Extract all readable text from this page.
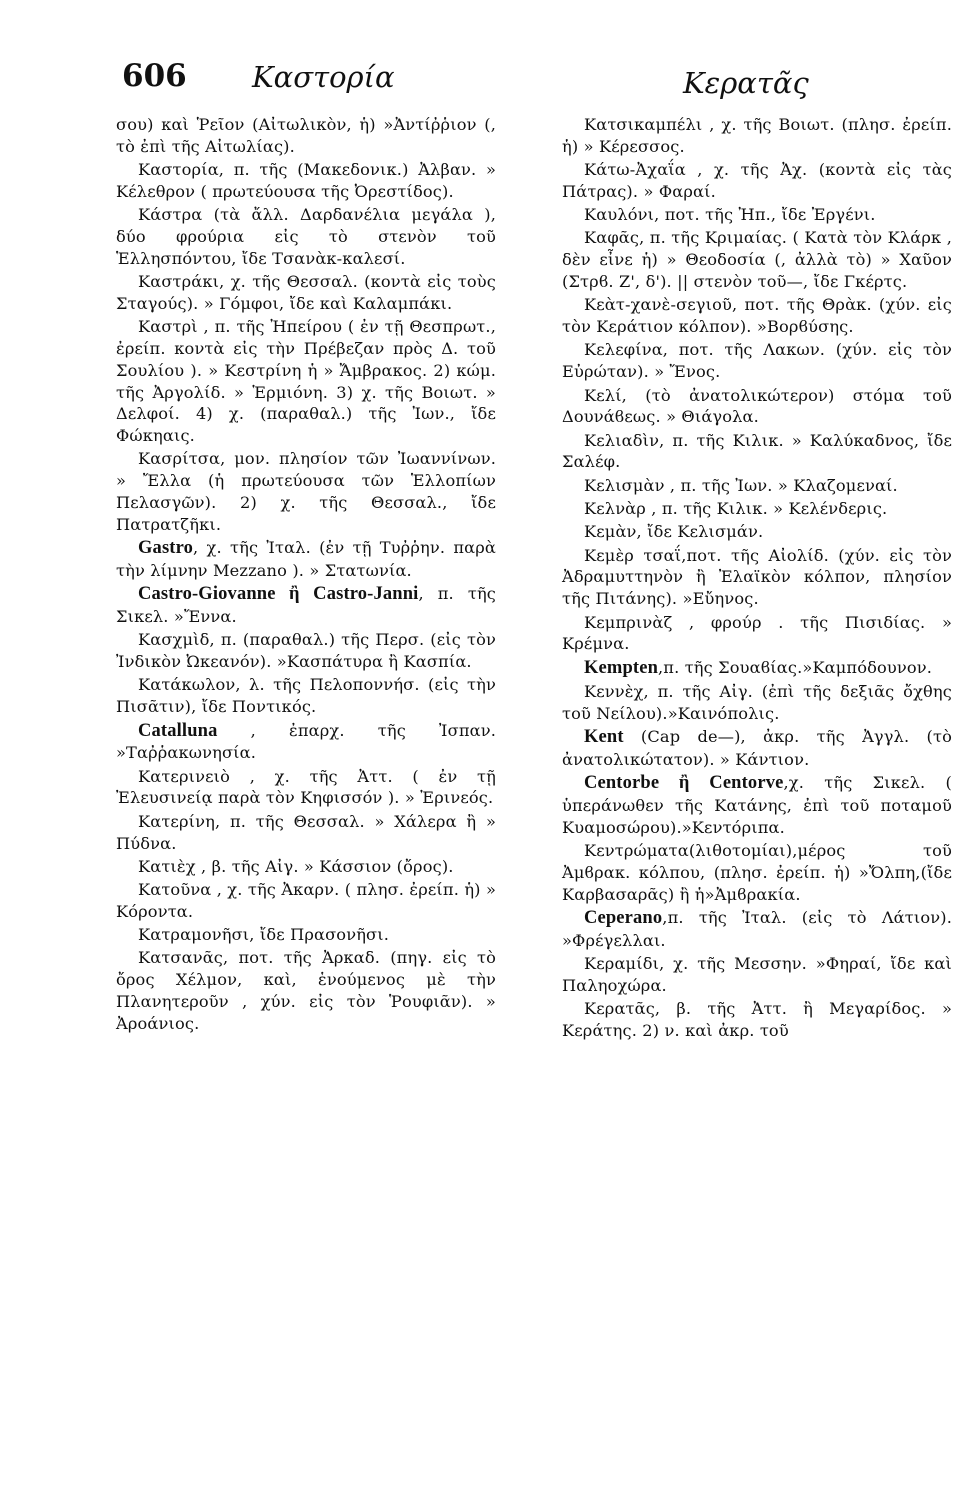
606 Καστορία	Κερατᾶς

σου) καὶ Ῥεῖον (Αἰτωλικὸν, ἡ) »Ἀντίῤῥιον (, τὸ ἐπὶ τῆς Αἰτωλίας).

Καστορία, π. τῆς (Μακεδονικ.) Ἀλβαν. » Κέλεθρον ( πρωτεύουσα τῆς Ὀρεστίδος).

Κάστρα (τὰ ἄλλ. Δαρδανέλια μεγάλα ), δύο φρούρια εἰς τὸ στενὸν τοῦ Ἑλλησπόντου, ἴδε Τσανὰκ-καλεσί.

Καστράκι, χ. τῆς Θεσσαλ. (κοντὰ εἰς τοὺς Σταγούς). » Γόμφοι, ἴδε καὶ Καλαμπάκι.

Καστρὶ , π. τῆς Ἠπείρου ( ἐν τῇ Θεσπρωτ., ἐρείπ. κοντὰ εἰς τὴν Πρέβεζαν πρὸς Δ. τοῦ Σουλίου ). » Κεστρίνη ἡ » Ἄμβρακος. 2) κώμ. τῆς Ἀργολίδ. » Ἑρμιόνη. 3) χ. τῆς Βοιωτ. » Δελφοί. 4) χ. (παραθαλ.) τῆς Ἰων., ἴδε Φώκηαις.

Κασρίτσα, μον. πλησίον τῶν Ἰωαννίνων. » Ἔλλα (ἡ πρωτεύουσα τῶν Ἑλλοπίων Πελασγῶν). 2) χ. τῆς Θεσσαλ., ἴδε Πατρατζῆκι.

Gastro, χ. τῆς Ἰταλ. (ἐν τῇ Τυῤῥην. παρὰ τὴν λίμνην Mezzano ). » Στατωνία.

Castro-Giovanne ἢ Castro-Janni, π. τῆς Σικελ. »Ἔννα.

Κασχμὶδ, π. (παραθαλ.) τῆς Περσ. (εἰς τὸν Ἰνδικὸν Ὠκεανόν). »Κασπάτυρα ἢ Κασπία.

Κατάκωλον, λ. τῆς Πελοποννήσ. (εἰς τὴν Πισᾶτιν), ἴδε Ποντικός.

Catalluna , ἐπαρχ. τῆς Ἰσπαν. »Ταῤῥακωνησία.

Κατερινειὸ , χ. τῆς Ἀττ. ( ἐν τῇ Ἐλευσινείᾳ παρὰ τὸν Κηφισσόν ). » Ἐρινεός.

Κατερίνη, π. τῆς Θεσσαλ. » Χάλερα ἢ » Πύδνα.

Κατιὲχ , β. τῆς Αἰγ. » Κάσσιον (ὄρος).

Κατοῦνα , χ. τῆς Ἀκαρν. ( πλησ. ἐρείπ. ἡ) » Κόροντα.

Κατραμονῆσι, ἴδε Πρασονῆσι.

Κατσανᾶς, ποτ. τῆς Ἀρκαδ. (πηγ. εἰς τὸ ὄρος Χέλμον, καὶ, ἑνούμενος μὲ τὴν Πλανητεροῦν , χύν. εἰς τὸν Ῥουφιᾶν). » Ἀροάνιος.

Κατσικαμπέλι , χ. τῆς Βοιωτ. (πλησ. ἐρείπ. ἡ) » Κέρεσσος.

Κάτω-Ἀχαΐα , χ. τῆς Ἀχ. (κοντὰ εἰς τὰς Πάτρας). » Φαραί.

Καυλόνι, ποτ. τῆς Ἠπ., ἴδε Ἐργένι.

Καφᾶς, π. τῆς Κριμαίας. ( Κατὰ τὸν Κλάρκ , δὲν εἶνε ἡ) » Θεοδοσία (, ἀλλὰ τὸ) » Χαῦον (Στρϐ. Ζ', δ'). || στενὸν τοῦ—, ἴδε Γκέρτς.

Κεὰτ-χανὲ-σεγιοῦ, ποτ. τῆς Θρὰκ. (χύν. εἰς τὸν Κεράτιον κόλπον). »Βορϐύσης.

Κελεφίνα, ποτ. τῆς Λακων. (χύν. εἰς τὸν Εὐρώταν). » Ἔνος.

Κελί, (τὸ ἀνατολικώτερον) στόμα τοῦ Δουνάϐεως. » Θιάγολα.

Κελιαδὶν, π. τῆς Κιλικ. » Καλύκαδνος, ἴδε Σαλέφ.

Κελισμὰν , π. τῆς Ἰων. » Κλαζομεναί.

Κελνὰρ , π. τῆς Κιλικ. » Κελένδερις.

Κεμὰν, ἴδε Κελισμάν.

Κεμὲρ τσαΐ,ποτ. τῆς Αἰολίδ. (χύν. εἰς τὸν Ἀδραμυττηνὸν ἢ Ἐλαϊκὸν κόλπον, πλησίον τῆς Πιτάνης). »Εὔηνος.

Κεμπρινὰζ , φρούρ . τῆς Πισιδίας. » Κρέμνα.

Kempten,π. τῆς Σουαϐίας.»Καμπόδουνον.

Κεννὲχ, π. τῆς Αἰγ. (ἐπὶ τῆς δεξιᾶς ὄχθης τοῦ Νείλου).»Καινόπολις.

Kent (Cap de—), ἀκρ. τῆς Ἀγγλ. (τὸ ἀνατολικώτατον). » Κάντιον.

Centorbe ἢ Centorve,χ. τῆς Σικελ. ( ὑπεράνωθεν τῆς Κατάνης, ἐπὶ τοῦ ποταμοῦ Κυαμοσώρου).»Κεντόριπα.

Κεντρώματα(λιθοτομίαι),μέρος τοῦ Ἀμϐρακ. κόλπου, (πλησ. ἐρείπ. ἡ) »Ὄλπη,(ἴδε Καρβασαρᾶς) ἢ ἡ»Ἀμϐρακία.

Ceperano,π. τῆς Ἰταλ. (εἰς τὸ Λάτιον). »Φρέγελλαι.

Κεραμίδι, χ. τῆς Μεσσην. »Φηραί, ἴδε καὶ Παληοχώρα.

Κερατᾶς, β. τῆς Ἀττ. ἢ Μεγαρίδος. » Κεράτης. 2) ν. καὶ ἀκρ. τοῦ
